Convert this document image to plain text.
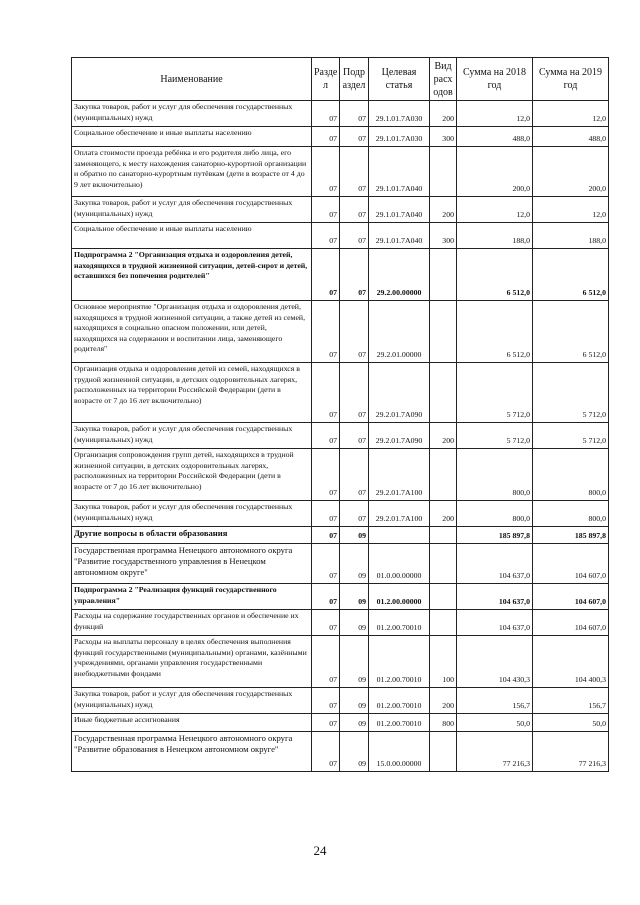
Наименование	Разде л	Подр аздел	Целевая статья	Вид расх одов	Сумма на 2018 год	Сумма на 2019 год
Закупка товаров, работ и услуг для обеспечения государственных (муниципальных) нужд	07	07	29.1.01.7А030	200	12,0	12,0
Социальное обеспечение и иные выплаты населению	07	07	29.1.01.7А030	300	488,0	488,0
Оплата стоимости проезда ребёнка и его родителя либо лица, его заменяющего, к месту нахождения санаторно-курортной организации и обратно по санаторно-курортным путёвкам (дети в возрасте от 4 до 9 лет включительно)	07	07	29.1.01.7А040		200,0	200,0
Закупка товаров, работ и услуг для обеспечения государственных (муниципальных) нужд	07	07	29.1.01.7А040	200	12,0	12,0
Социальное обеспечение и иные выплаты населению	07	07	29.1.01.7А040	300	188,0	188,0
Подпрограмма 2 "Организация отдыха и оздоровления детей, находящихся в трудной жизненной ситуации, детей-сирот и детей, оставшихся без попечения родителей"	07	07	29.2.00.00000		6 512,0	6 512,0
Основное мероприятие "Организация отдыха и оздоровления детей, находящихся в трудной жизненной ситуации, а также детей из семей, находящихся в социально опасном положении, или детей, находящихся на содержании и воспитании лица, заменяющего родителя"	07	07	29.2.01.00000		6 512,0	6 512,0
Организация отдыха и оздоровления детей из семей, находящихся в трудной жизненной ситуации, в детских оздоровительных лагерях, расположенных на территории Российской Федерации (дети в возрасте от 7 до 16 лет включительно)	07	07	29.2.01.7А090		5 712,0	5 712,0
Закупка товаров, работ и услуг для обеспечения государственных (муниципальных) нужд	07	07	29.2.01.7А090	200	5 712,0	5 712,0
Организация сопровождения групп детей, находящихся в трудной жизненной ситуации, в детских оздоровительных лагерях, расположенных на территории Российской Федерации (дети в возрасте от 7 до 16 лет включительно)	07	07	29.2.01.7А100		800,0	800,0
Закупка товаров, работ и услуг для обеспечения государственных (муниципальных) нужд	07	07	29.2.01.7А100	200	800,0	800,0
Другие вопросы в области образования	07	09			185 897,8	185 897,8
Государственная программа Ненецкого автономного округа "Развитие государственного управления в Ненецком автономном округе"	07	09	01.0.00.00000		104 637,0	104 607,0
Подпрограмма 2 "Реализация функций государственного управления"	07	09	01.2.00.00000		104 637,0	104 607,0
Расходы на содержание государственных органов и обеспечение их функций	07	09	01.2.00.70010		104 637,0	104 607,0
Расходы на выплаты персоналу в целях обеспечения выполнения функций государственными (муниципальными) органами, казёнными учреждениями, органами управления государственными внебюджетными фондами	07	09	01.2.00.70010	100	104 430,3	104 400,3
Закупка товаров, работ и услуг для обеспечения государственных (муниципальных) нужд	07	09	01.2.00.70010	200	156,7	156,7
Иные бюджетные ассигнования	07	09	01.2.00.70010	800	50,0	50,0
Государственная программа Ненецкого автономного округа "Развитие образования в Ненецком автономном округе"	07	09	15.0.00.00000		77 216,3	77 216,3
24
